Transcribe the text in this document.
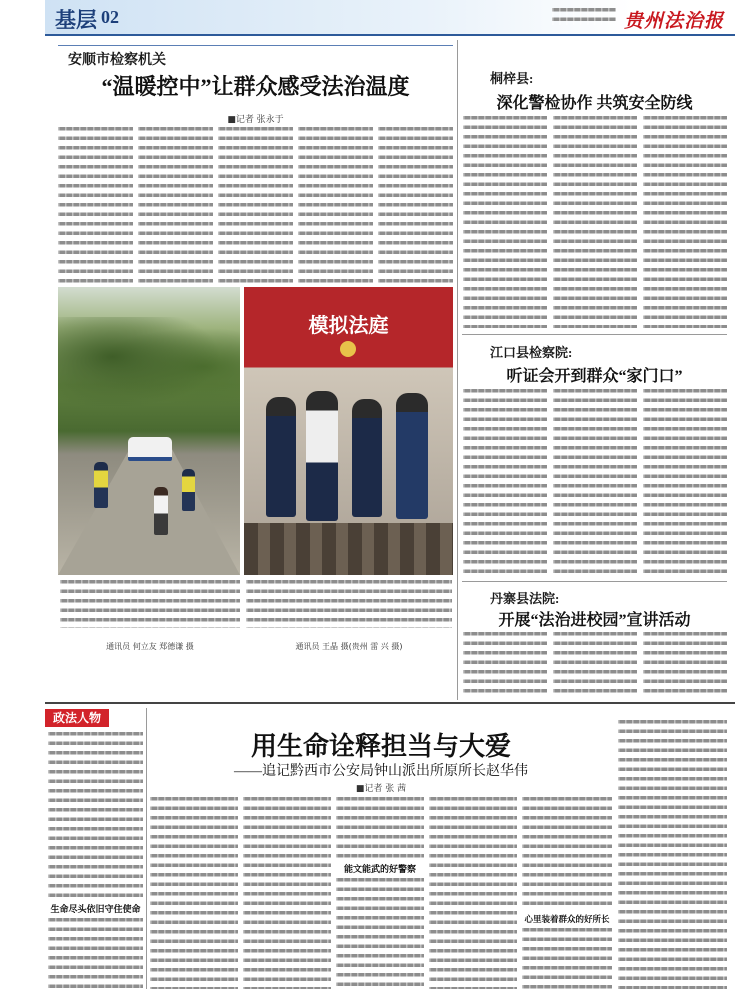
基层 02	贵州法治报
安顺市检察机关
“温暖控中”让群众感受法治温度
■记者 张永于
模拟法庭
通讯员 何立友 郑德谦 摄	通讯员 王晶 摄(贵州 雷 兴 摄)
桐梓县:
深化警检协作 共筑安全防线
江口县检察院:
听证会开到群众“家门口”
丹寨县法院:
开展“法治进校园”宣讲活动
政法人物
生命尽头依旧守住使命
用生命诠释担当与大爱
——追记黔西市公安局钟山派出所原所长赵华伟
■记者 张 茜
能文能武的好警察
心里装着群众的好所长
